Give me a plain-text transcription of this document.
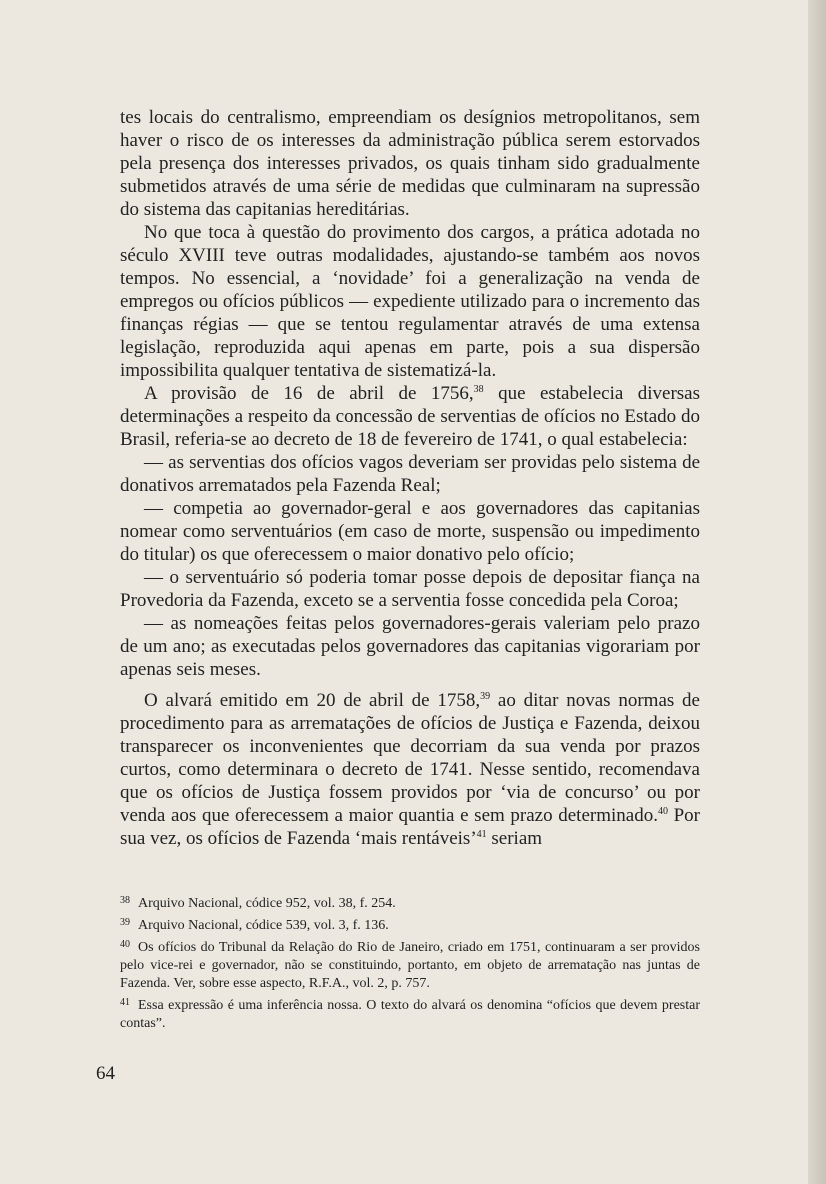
tes locais do centralismo, empreendiam os desígnios metropolitanos, sem haver o risco de os interesses da administração pública serem estorvados pela presença dos interesses privados, os quais tinham sido gradualmente submetidos através de uma série de medidas que culminaram na supressão do sistema das capitanias hereditárias.

No que toca à questão do provimento dos cargos, a prática adotada no século XVIII teve outras modalidades, ajustando-se também aos novos tempos. No essencial, a ‘novidade’ foi a generalização na venda de empregos ou ofícios públicos — expediente utilizado para o incremento das finanças régias — que se tentou regulamentar através de uma extensa legislação, reproduzida aqui apenas em parte, pois a sua dispersão impossibilita qualquer tentativa de sistematizá-la.

A provisão de 16 de abril de 1756,38 que estabelecia diversas determinações a respeito da concessão de serventias de ofícios no Estado do Brasil, referia-se ao decreto de 18 de fevereiro de 1741, o qual estabelecia:

— as serventias dos ofícios vagos deveriam ser providas pelo sistema de donativos arrematados pela Fazenda Real;

— competia ao governador-geral e aos governadores das capitanias nomear como serventuários (em caso de morte, suspensão ou impedimento do titular) os que oferecessem o maior donativo pelo ofício;

— o serventuário só poderia tomar posse depois de depositar fiança na Provedoria da Fazenda, exceto se a serventia fosse concedida pela Coroa;

— as nomeações feitas pelos governadores-gerais valeriam pelo prazo de um ano; as executadas pelos governadores das capitanias vigorariam por apenas seis meses.

O alvará emitido em 20 de abril de 1758,39 ao ditar novas normas de procedimento para as arrematações de ofícios de Justiça e Fazenda, deixou transparecer os inconvenientes que decorriam da sua venda por prazos curtos, como determinara o decreto de 1741. Nesse sentido, recomendava que os ofícios de Justiça fossem providos por ‘via de concurso’ ou por venda aos que oferecessem a maior quantia e sem prazo determinado.$^{40}$ Por sua vez, os ofícios de Fazenda ‘mais rentáveis’$^{41}$ seriam

$^{38}$ Arquivo Nacional, códice 952, vol. 38, f. 254.

$^{39}$ Arquivo Nacional, códice 539, vol. 3, f. 136.

$^{40}$ Os ofícios do Tribunal da Relação do Rio de Janeiro, criado em 1751, continuaram a ser providos pelo vice-rei e governador, não se constituindo, portanto, em objeto de arrematação nas juntas de Fazenda. Ver, sobre esse aspecto, R.F.A., vol. 2, p. 757.

$^{41}$ Essa expressão é uma inferência nossa. O texto do alvará os denomina “ofícios que devem prestar contas”.

64
